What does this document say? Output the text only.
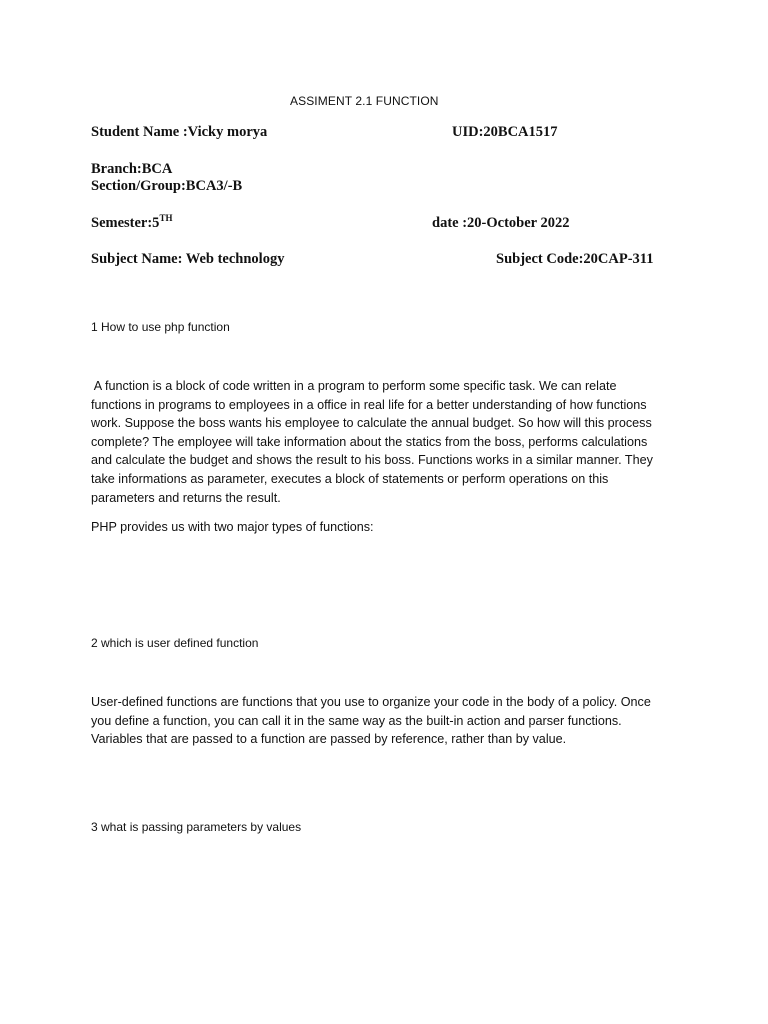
ASSIMENT 2.1 FUNCTION
Student Name :Vicky morya	UID:20BCA1517
Branch:BCA
Section/Group:BCA3/-B
Semester:5TH	date :20-October 2022
Subject Name: Web technology	Subject Code:20CAP-311
1 How to use php function
A function is a block of code written in a program to perform some specific task. We can relate
functions in programs to employees in a office in real life for a better understanding of how functions
work. Suppose the boss wants his employee to calculate the annual budget. So how will this process
complete? The employee will take information about the statics from the boss, performs calculations
and calculate the budget and shows the result to his boss. Functions works in a similar manner. They
take informations as parameter, executes a block of statements or perform operations on this
parameters and returns the result.
PHP provides us with two major types of functions:
2 which is user defined function
User-defined functions are functions that you use to organize your code in the body of a policy. Once
you define a function, you can call it in the same way as the built-in action and parser functions.
Variables that are passed to a function are passed by reference, rather than by value.
3 what is passing parameters by values
